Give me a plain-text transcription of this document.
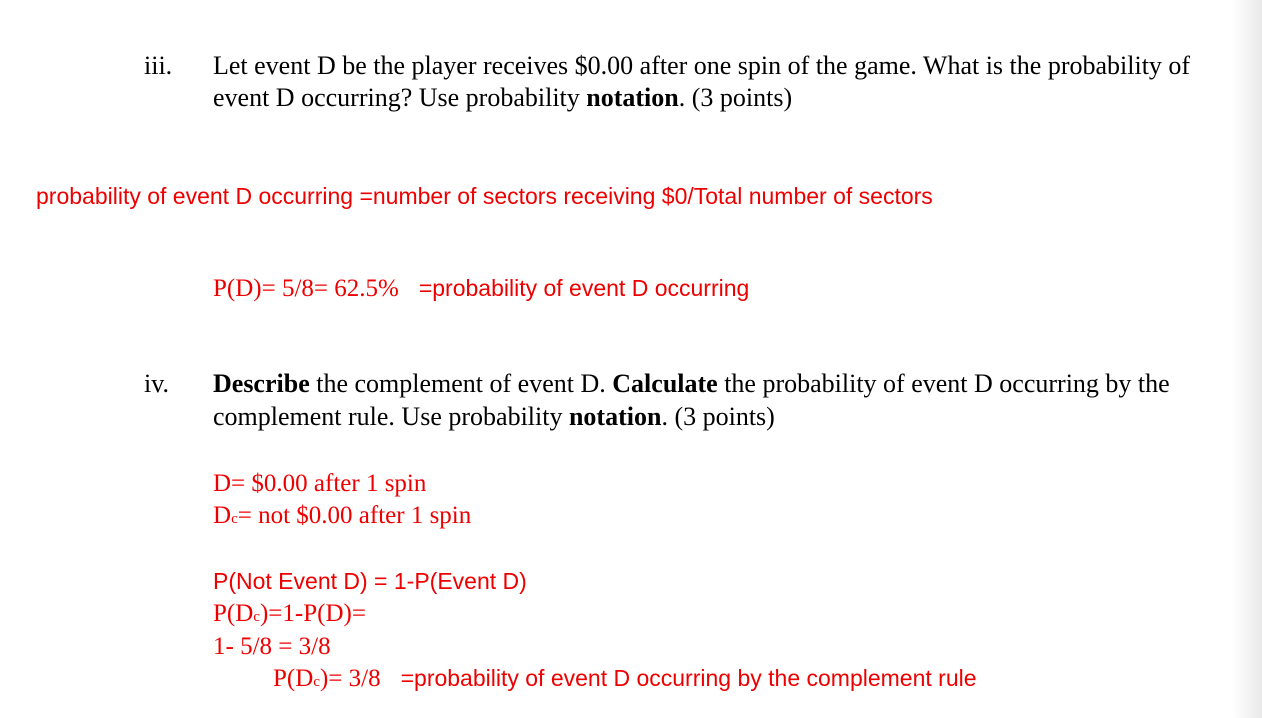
iii. Let event D be the player receives $0.00 after one spin of the game. What is the probability of
event D occurring? Use probability notation. (3 points)
probability of event D occurring =number of sectors receiving $0/Total number of sectors
P(D)= 5/8= 62.5% =probability of event D occurring
iv. Describe the complement of event D. Calculate the probability of event D occurring by the
complement rule. Use probability notation. (3 points)
D= $0.00 after 1 spin
$D^c=$ not $0.00 after 1 spin
P(Not Event D) = 1-P(Event D)
$P(D^c)=1-P(D)=$
1- 5/8 = 3/8
$P(D^c)= 3/8$ =probability of event D occurring by the complement rule
